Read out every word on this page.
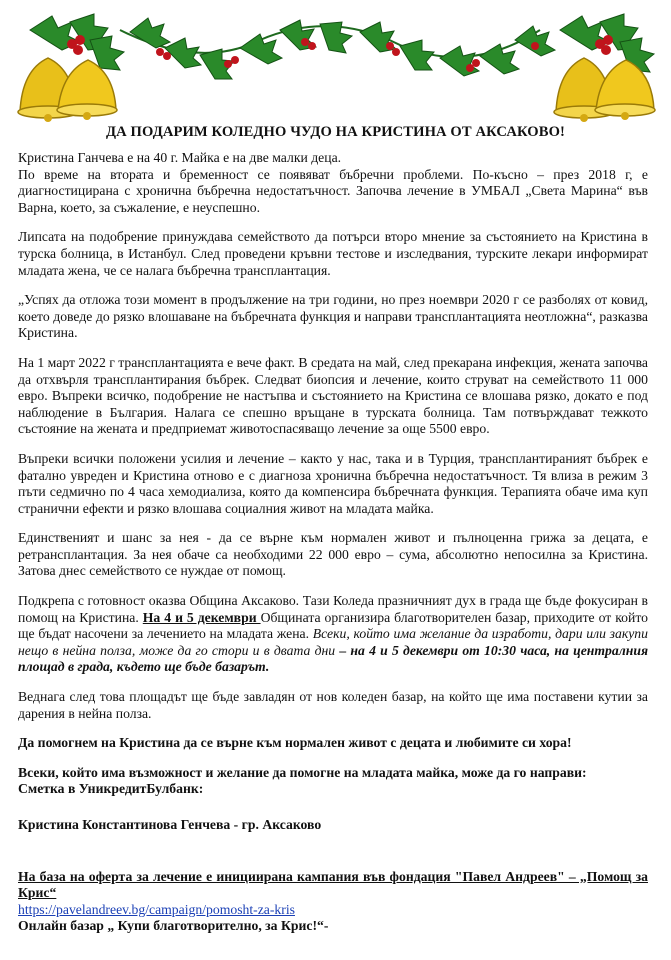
ДА ПОДАРИМ КОЛЕДНО ЧУДО НА КРИСТИНА ОТ АКСАКОВО!

Кристина Ганчева е на 40 г. Майка е на две малки деца.
По време на втората и бременност се появяват бъбречни проблеми. По-късно – през 2018 г, е диагностицирана с хронична бъбречна недостатъчност. Започва лечение в УМБАЛ „Света Марина“ във Варна, което, за съжаление, е неуспешно.

Липсата на подобрение принуждава семейството да потърси второ мнение за състоянието на Кристина в турска болница, в Истанбул. След проведени кръвни тестове и изследвания, турските лекари информират младата жена, че се налага бъбречна трансплантация.

„Успях да отложа този момент в продължение на три години, но през ноември 2020 г се разболях от ковид, което доведе до рязко влошаване на бъбречната функция и направи трансплантацията неотложна“, разказва Кристина.

На 1 март 2022 г трансплантацията е вече факт. В средата на май, след прекарана инфекция, жената започва да отхвърля трансплантирания бъбрек. Следват биопсия и лечение, които струват на семейството 11 000 евро. Въпреки всичко, подобрение не настъпва и състоянието на Кристина се влошава рязко, докато е под наблюдение в България. Налага се спешно връщане в турската болница. Там потвърждават тежкото състояние на жената и предприемат животоспасяващо лечение за още 5500 евро.

Въпреки всички положени усилия и лечение – както у нас, така и в Турция, трансплантираният бъбрек е фатално увреден и Кристина отново е с диагноза хронична бъбречна недостатъчност. Тя влиза в режим 3 пъти седмично по 4 часа хемодиализа, която да компенсира бъбречната функция. Терапията обаче има куп странични ефекти и рязко влошава социалния живот на младата майка.

Единственият и шанс за нея - да се върне към нормален живот и пълноценна грижа за децата, е ретрансплантация. За нея обаче са необходими 22 000 евро – сума, абсолютно непосилна за Кристина. Затова днес семейството се нуждае от помощ.

Подкрепа с готовност оказва Община Аксаково. Тази Коледа празничният дух в града ще бъде фокусиран в помощ на Кристина. На 4 и 5 декември Общината организира благотворителен базар, приходите от който ще бъдат насочени за лечението на младата жена. Всеки, който има желание да изработи, дари или закупи нещо в нейна полза, може да го стори и в двата дни – на 4 и 5 декември от 10:30 часа, на централния площад в града, където ще бъде базарът.

Веднага след това площадът ще бъде завладян от нов коледен базар, на който ще има поставени кутии за дарения в нейна полза.

Да помогнем на Кристина да се върне към нормален живот с децата и любимите си хора!

Всеки, който има възможност и желание да помогне на младата майка, може да го направи:
Сметка в УникредитБулбанк:

Кристина Константинова Генчева - гр. Аксаково

На база на оферта за лечение е инициирана кампания във фондация "Павел Андреев" – „Помощ за Крис“

https://pavelandreev.bg/campaign/pomosht-za-kris

Онлайн базар „ Купи благотворително, за Крис!“-
